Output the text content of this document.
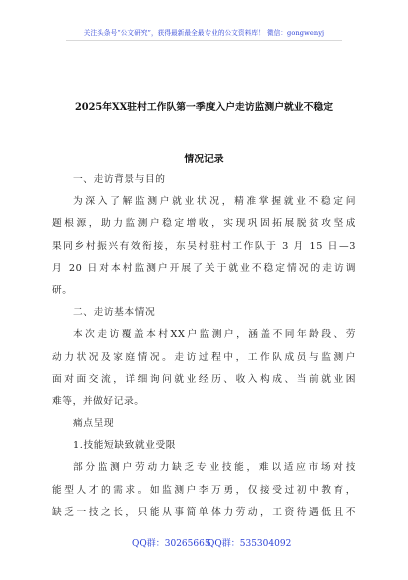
关注头条号“公文研究”，获得最新最全最专业的公文资料库！ 微信：gongwenyj
2025年XX驻村工作队第一季度入户走访监测户就业不稳定
情况记录
一、走访背景与目的
为深入了解监测户就业状况，精准掌握就业不稳定问
题根源，助力监测户稳定增收，实现巩固拓展脱贫攻坚成
果同乡村振兴有效衔接，东吴村驻村工作队于 3 月 15 日—3
月 20 日对本村监测户开展了关于就业不稳定情况的走访调
研。
二、走访基本情况
本次走访覆盖本村XX户监测户，涵盖不同年龄段、劳
动力状况及家庭情况。走访过程中，工作队成员与监测户
面对面交流，详细询问就业经历、收入构成、当前就业困
难等，并做好记录。
痛点呈现
1.技能短缺致就业受限
部分监测户劳动力缺乏专业技能，难以适应市场对技
能型人才的需求。如监测户李万勇，仅接受过初中教育，
缺乏一技之长，只能从事简单体力劳动，工资待遇低且不
QQ群：30265665
QQ群：535304092
